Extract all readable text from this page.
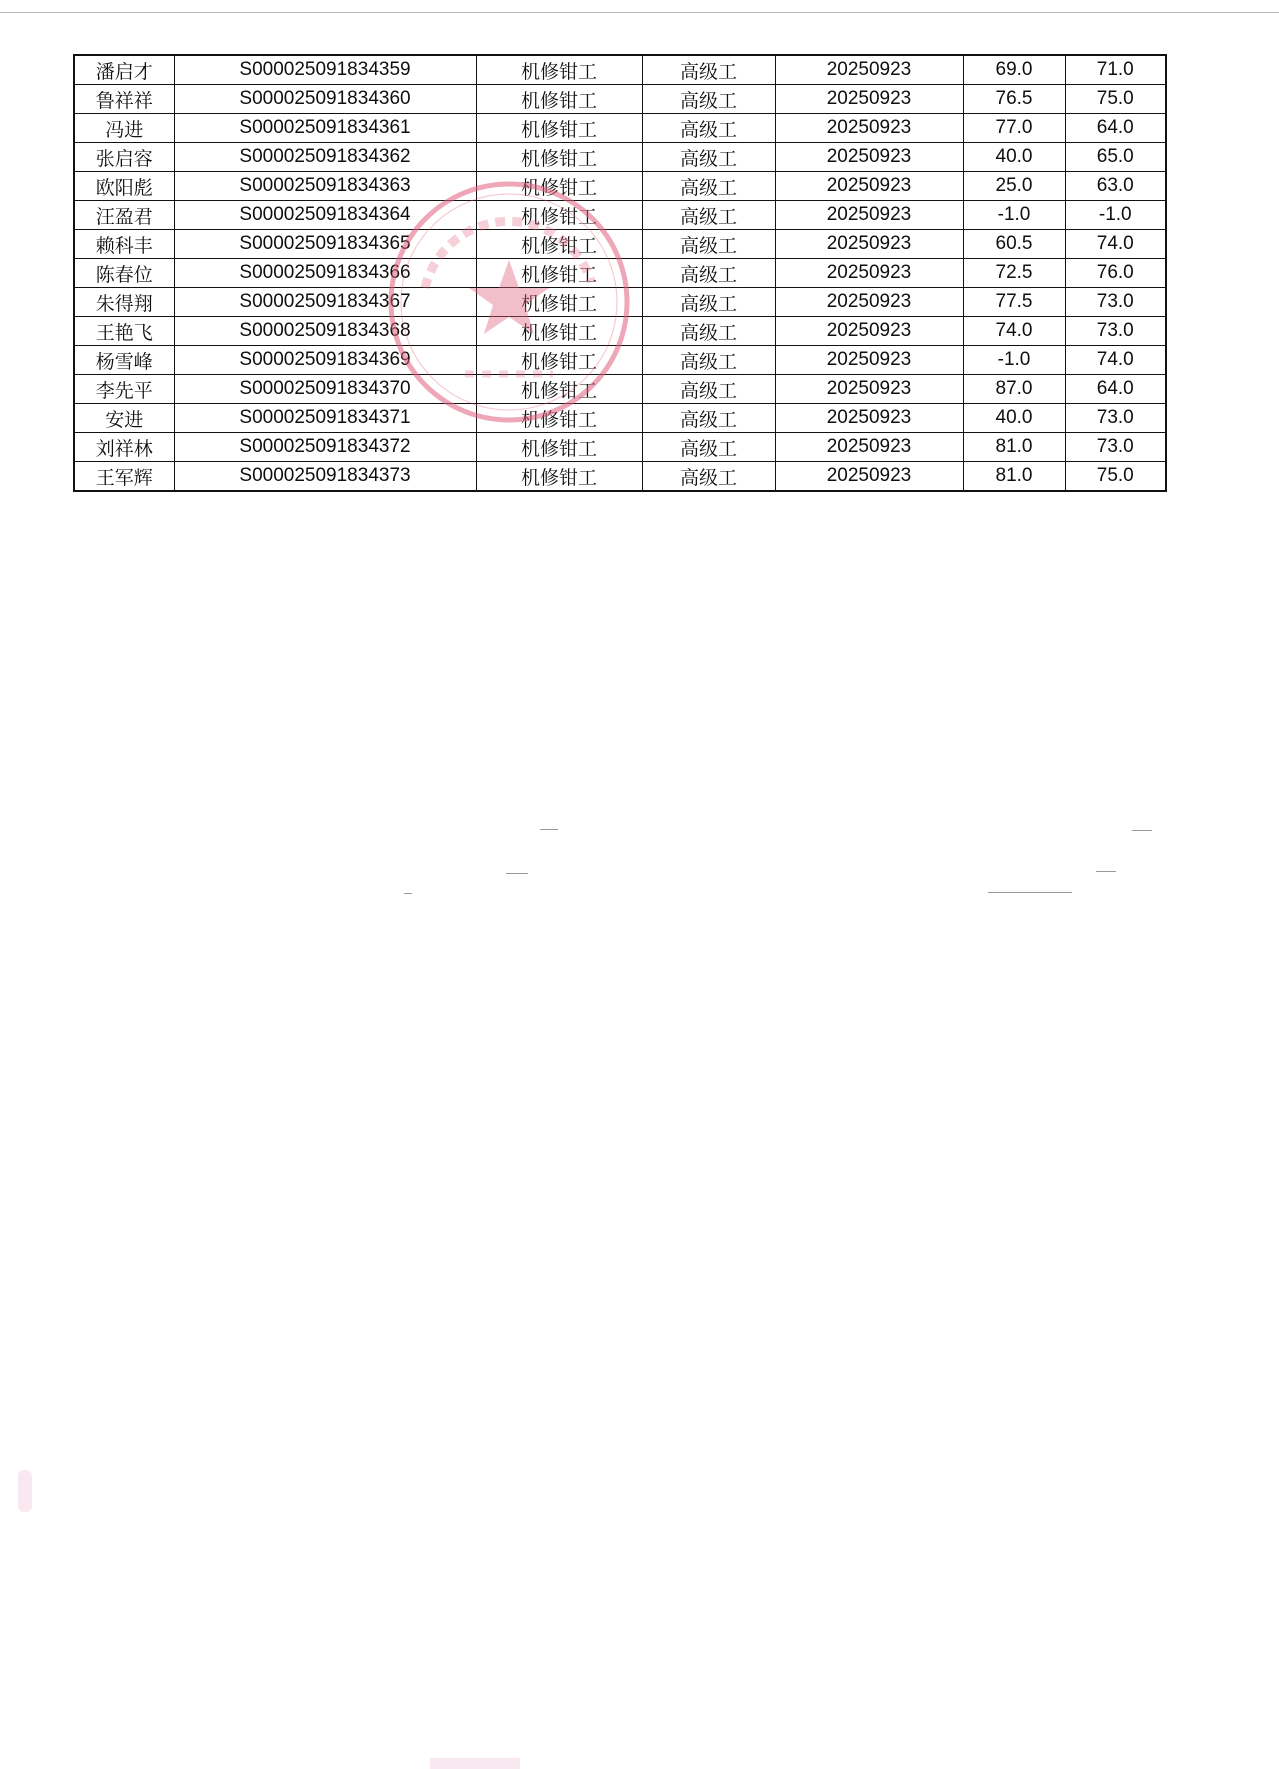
潘启才	S000025091834359	机修钳工	高级工	20250923	69.0	71.0
鲁祥祥	S000025091834360	机修钳工	高级工	20250923	76.5	75.0
冯进	S000025091834361	机修钳工	高级工	20250923	77.0	64.0
张启容	S000025091834362	机修钳工	高级工	20250923	40.0	65.0
欧阳彪	S000025091834363	机修钳工	高级工	20250923	25.0	63.0
汪盈君	S000025091834364	机修钳工	高级工	20250923	-1.0	-1.0
赖科丰	S000025091834365	机修钳工	高级工	20250923	60.5	74.0
陈春位	S000025091834366	机修钳工	高级工	20250923	72.5	76.0
朱得翔	S000025091834367	机修钳工	高级工	20250923	77.5	73.0
王艳飞	S000025091834368	机修钳工	高级工	20250923	74.0	73.0
杨雪峰	S000025091834369	机修钳工	高级工	20250923	-1.0	74.0
李先平	S000025091834370	机修钳工	高级工	20250923	87.0	64.0
安进	S000025091834371	机修钳工	高级工	20250923	40.0	73.0
刘祥林	S000025091834372	机修钳工	高级工	20250923	81.0	73.0
王军辉	S000025091834373	机修钳工	高级工	20250923	81.0	75.0
